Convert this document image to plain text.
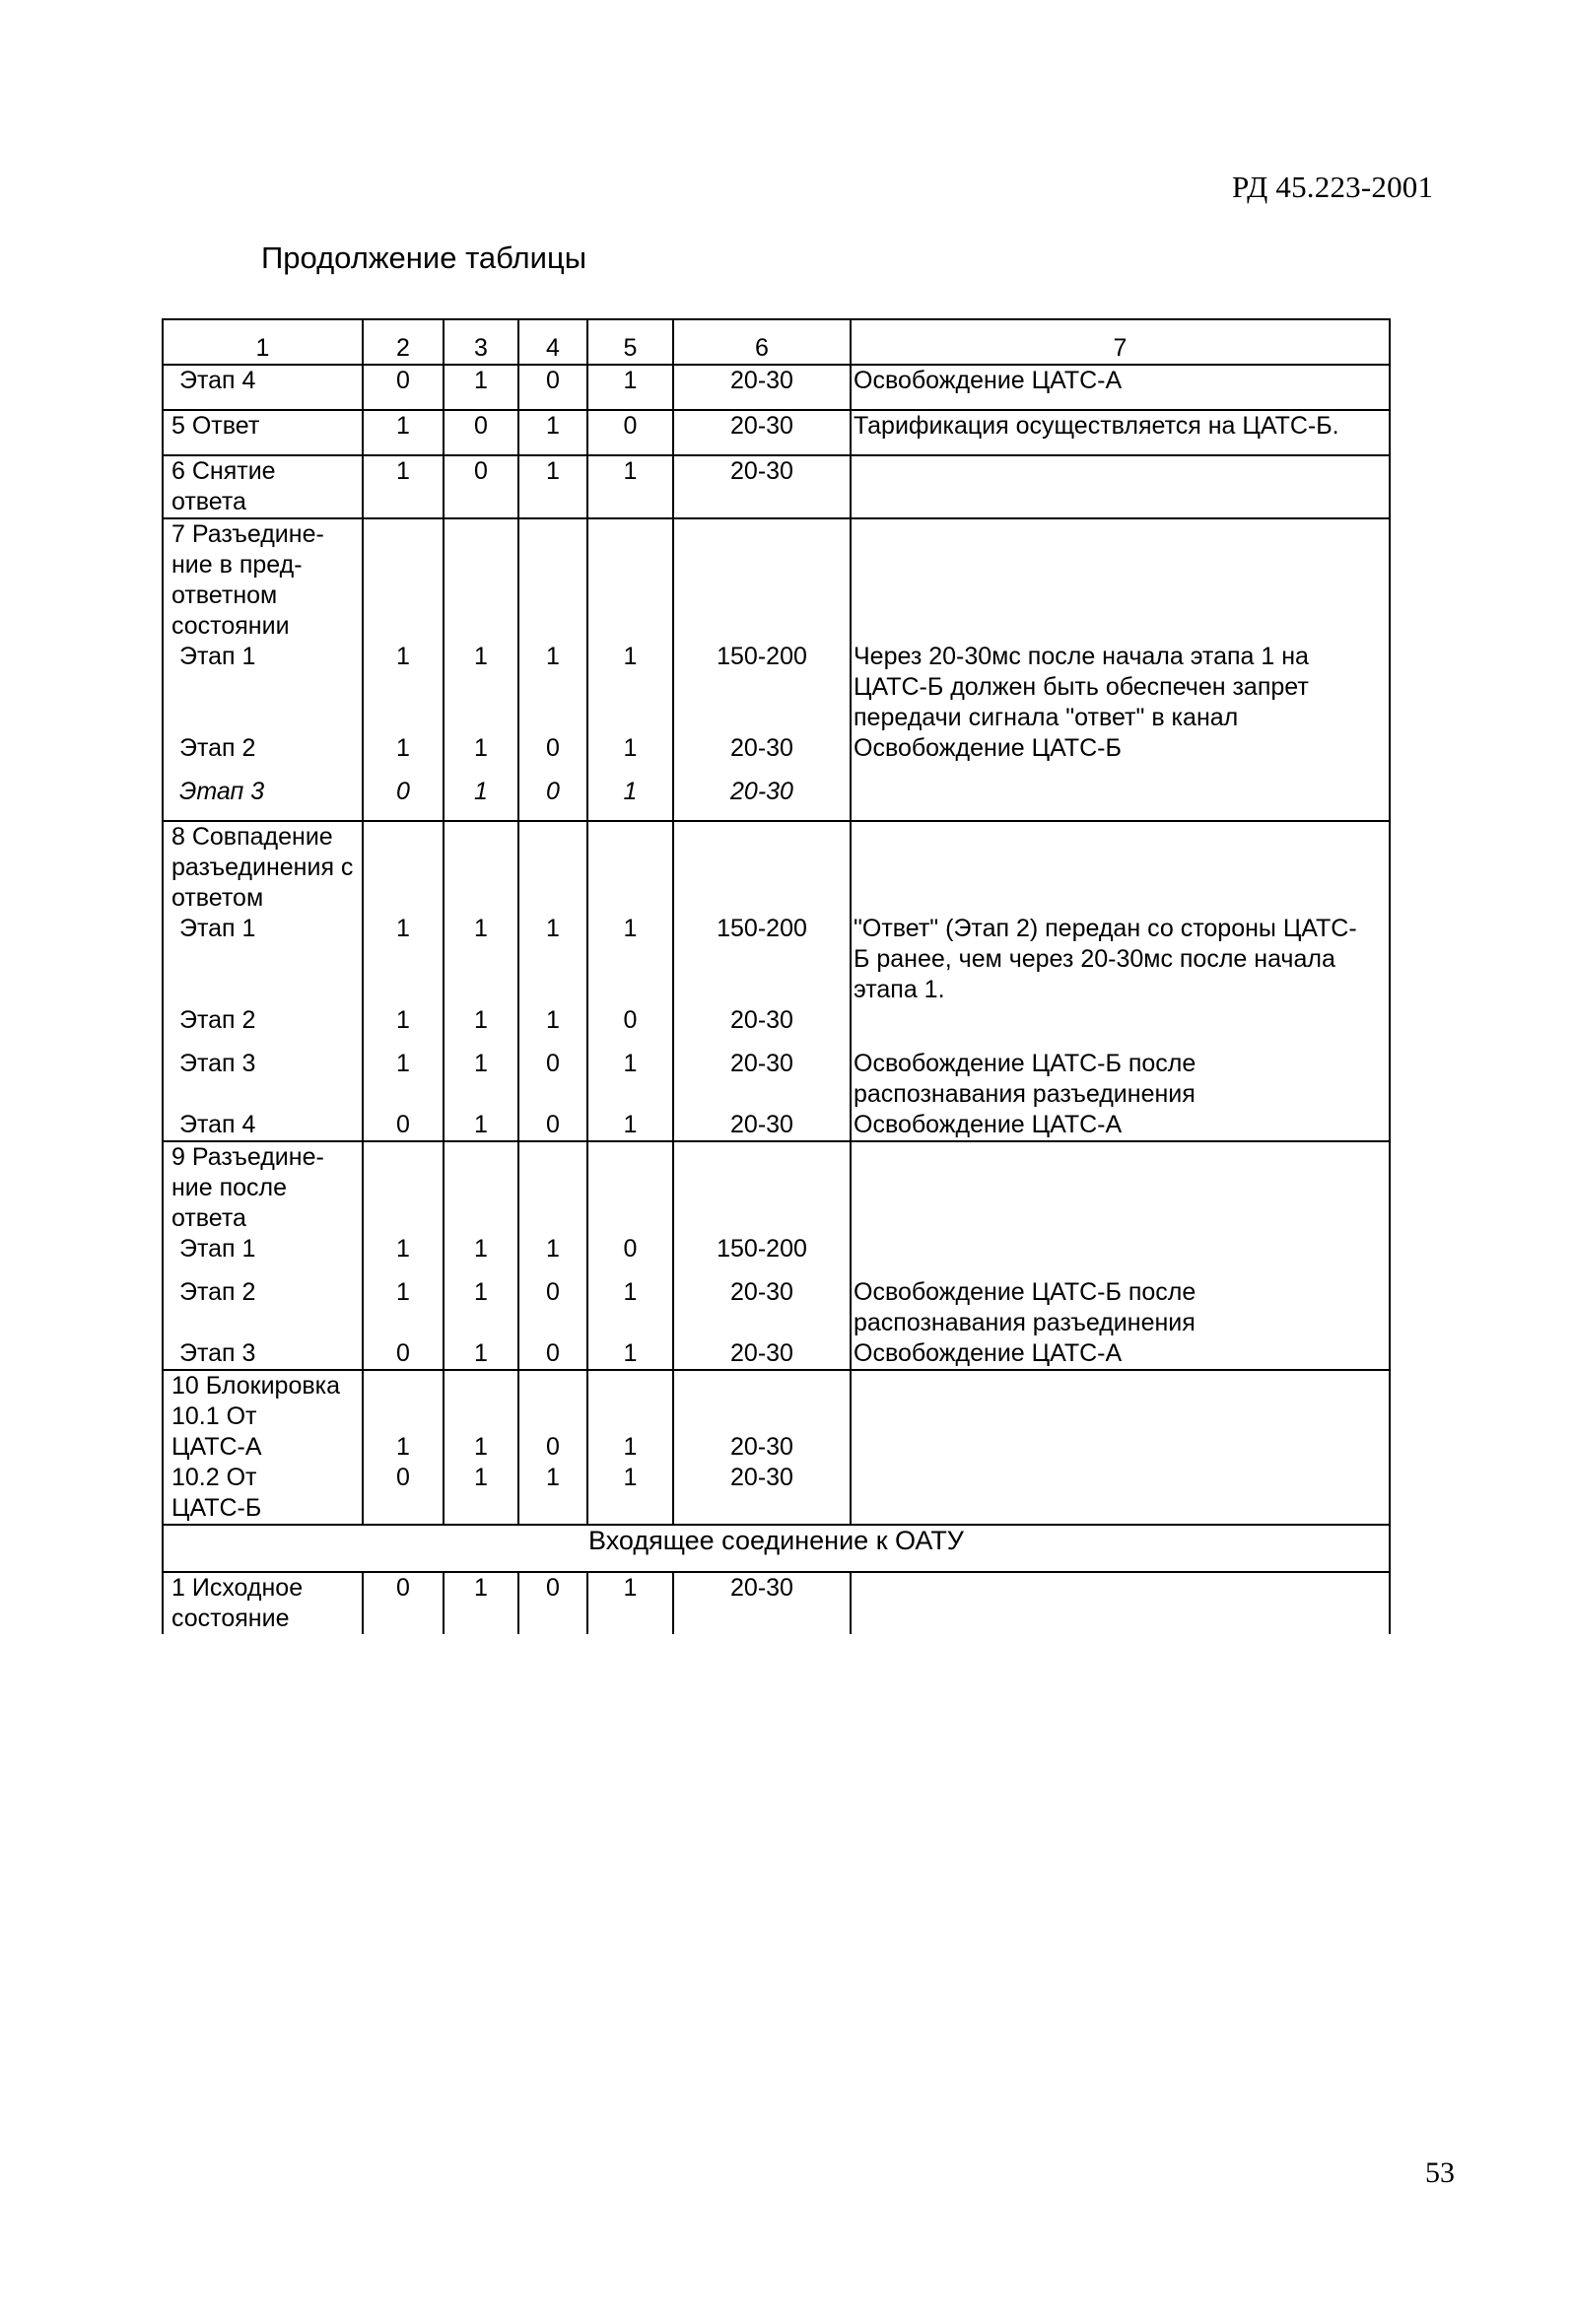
РД 45.223-2001
Продолжение таблицы
1	2	3	4	5	6	7
Этап 4	0	1	0	1	20-30	Освобождение ЦАТС-А
5 Ответ	1	0	1	0	20-30	Тарификация осуществляется на ЦАТС-Б.

6 Снятие
ответа	1	0	1	1	20-30	

7 Разъедине-
ние в пред-
ответном
состоянии						

Этап 1	1	1	1	1	150-200	Через 20-30мс после начала этапа 1 на
ЦАТС-Б должен быть обеспечен запрет
передачи сигнала "ответ" в канал

Этап 2	1	1	0	1	20-30	Освобождение ЦАТС-Б
Этап 3	0	1	0	1	20-30	

8 Совпадение
разъединения с
ответом						

Этап 1	1	1	1	1	150-200	"Ответ" (Этап 2) передан со стороны ЦАТС-
Б ранее, чем через 20-30мс после начала
этапа 1.

Этап 2	1	1	1	0	20-30	
Этап 3	1	1	0	1	20-30	Освобождение ЦАТС-Б после
распознавания разъединения

Этап 4	0	1	0	1	20-30	Освобождение ЦАТС-А

9 Разъедине-
ние после
ответа						

Этап 1	1	1	1	0	150-200	
Этап 2	1	1	0	1	20-30	Освобождение ЦАТС-Б после
распознавания разъединения

Этап 3	0	1	0	1	20-30	Освобождение ЦАТС-А
10 Блокировка						

10.1 От
ЦАТС-А	1	1	0	1	20-30	

10.2 От
ЦАТС-Б	0	1	1	1	20-30	
Входящее соединение к ОАТУ						

1 Исходное
состояние	0	1	0	1	20-30	
53
